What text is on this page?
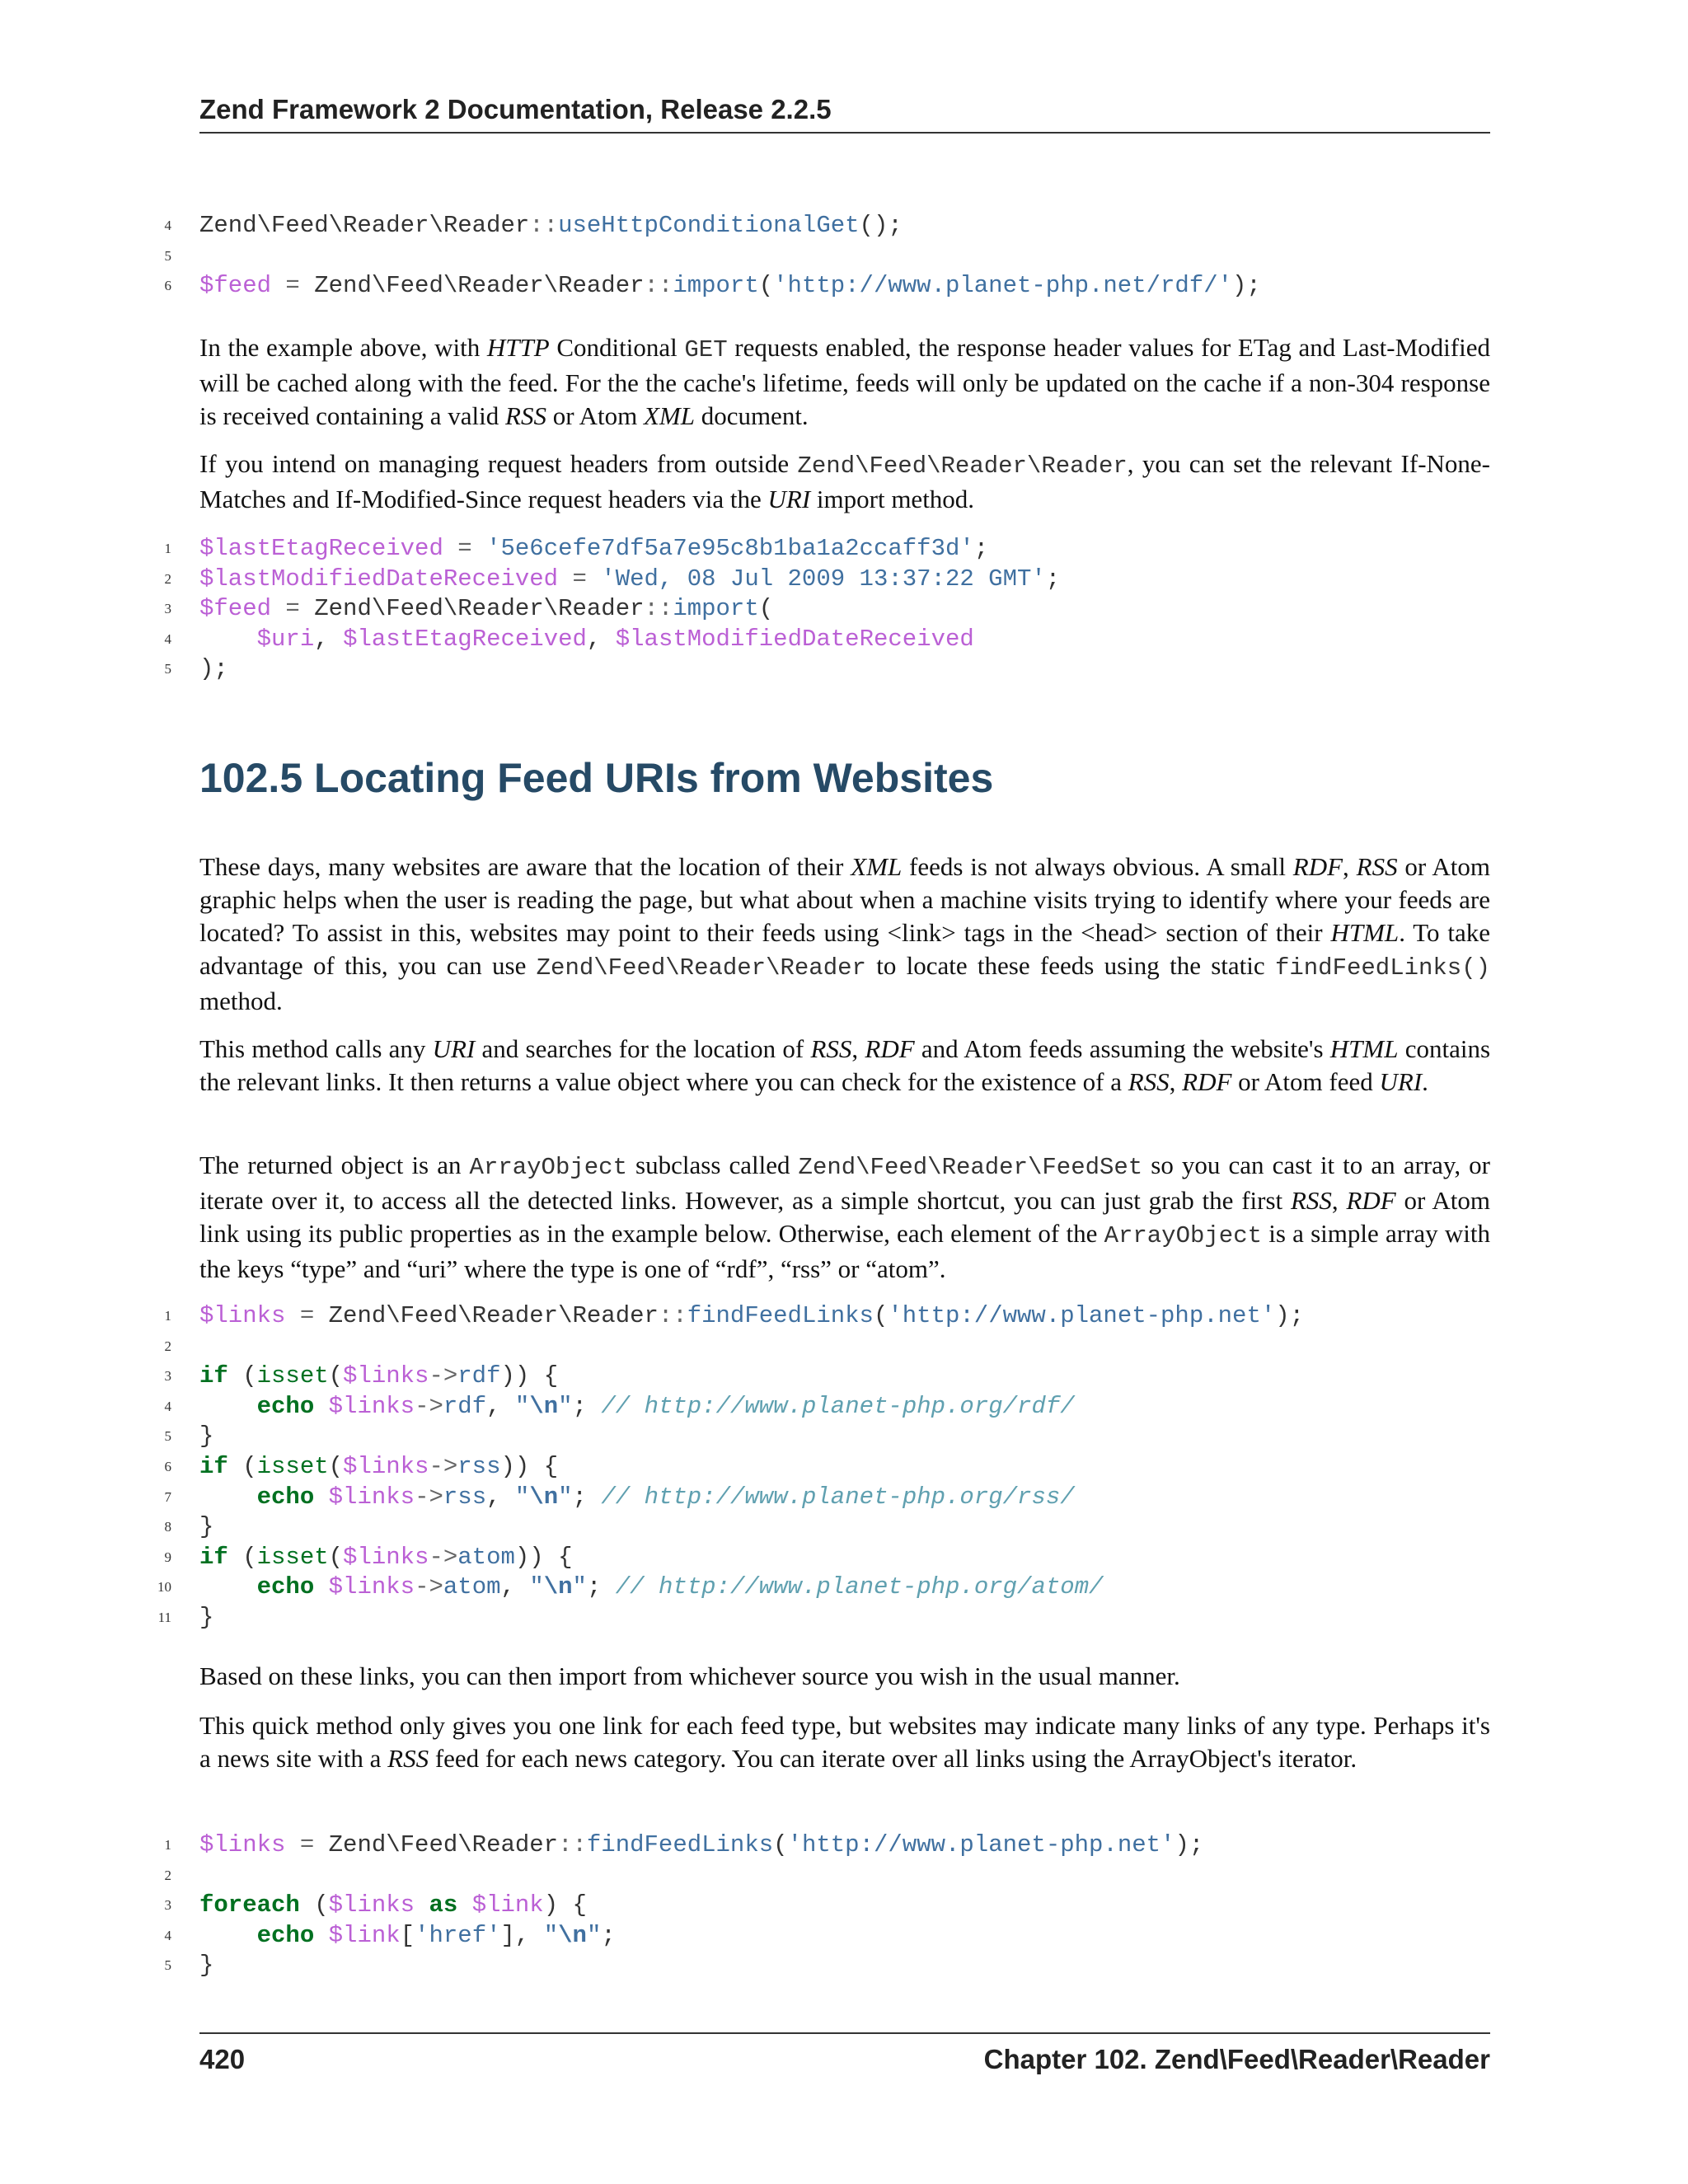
Zend Framework 2 Documentation, Release 2.2.5
4 Zend\Feed\Reader\Reader::useHttpConditionalGet();
5
6 $feed = Zend\Feed\Reader\Reader::import('http://www.planet-php.net/rdf/');

In the example above, with HTTP Conditional GET requests enabled, the response header values for ETag and Last-Modified will be cached along with the feed. For the the cache's lifetime, feeds will only be updated on the cache if a non-304 response is received containing a valid RSS or Atom XML document.

If you intend on managing request headers from outside Zend\Feed\Reader\Reader, you can set the relevant If-None-Matches and If-Modified-Since request headers via the URI import method.

1 $lastEtagReceived = '5e6cefe7df5a7e95c8b1ba1a2ccaff3d';
2 $lastModifiedDateReceived = 'Wed, 08 Jul 2009 13:37:22 GMT';
3 $feed = Zend\Feed\Reader\Reader::import(
4	$uri, $lastEtagReceived, $lastModifiedDateReceived
5 );
102.5 Locating Feed URIs from Websites

These days, many websites are aware that the location of their XML feeds is not always obvious. A small RDF, RSS or Atom graphic helps when the user is reading the page, but what about when a machine visits trying to identify where your feeds are located? To assist in this, websites may point to their feeds using <link> tags in the <head> section of their HTML. To take advantage of this, you can use Zend\Feed\Reader\Reader to locate these feeds using the static findFeedLinks() method.

This method calls any URI and searches for the location of RSS, RDF and Atom feeds assuming the website's HTML contains the relevant links. It then returns a value object where you can check for the existence of a RSS, RDF or Atom feed URI.

The returned object is an ArrayObject subclass called Zend\Feed\Reader\FeedSet so you can cast it to an array, or iterate over it, to access all the detected links. However, as a simple shortcut, you can just grab the first RSS, RDF or Atom link using its public properties as in the example below. Otherwise, each element of the ArrayObject is a simple array with the keys “type” and “uri” where the type is one of “rdf”, “rss” or “atom”.

1 $links = Zend\Feed\Reader\Reader::findFeedLinks('http://www.planet-php.net');
2
3 if (isset($links->rdf)) {
4	echo $links->rdf, "\n"; // http://www.planet-php.org/rdf/
5 }
6 if (isset($links->rss)) {
7	echo $links->rss, "\n"; // http://www.planet-php.org/rss/
8 }
9 if (isset($links->atom)) {
10	echo $links->atom, "\n"; // http://www.planet-php.org/atom/
11 }

Based on these links, you can then import from whichever source you wish in the usual manner.

This quick method only gives you one link for each feed type, but websites may indicate many links of any type. Perhaps it's a news site with a RSS feed for each news category. You can iterate over all links using the ArrayObject's iterator.

1 $links = Zend\Feed\Reader::findFeedLinks('http://www.planet-php.net');
2
3 foreach ($links as $link) {
4	echo $link['href'], "\n";
5 }
420	Chapter 102. Zend\Feed\Reader\Reader
